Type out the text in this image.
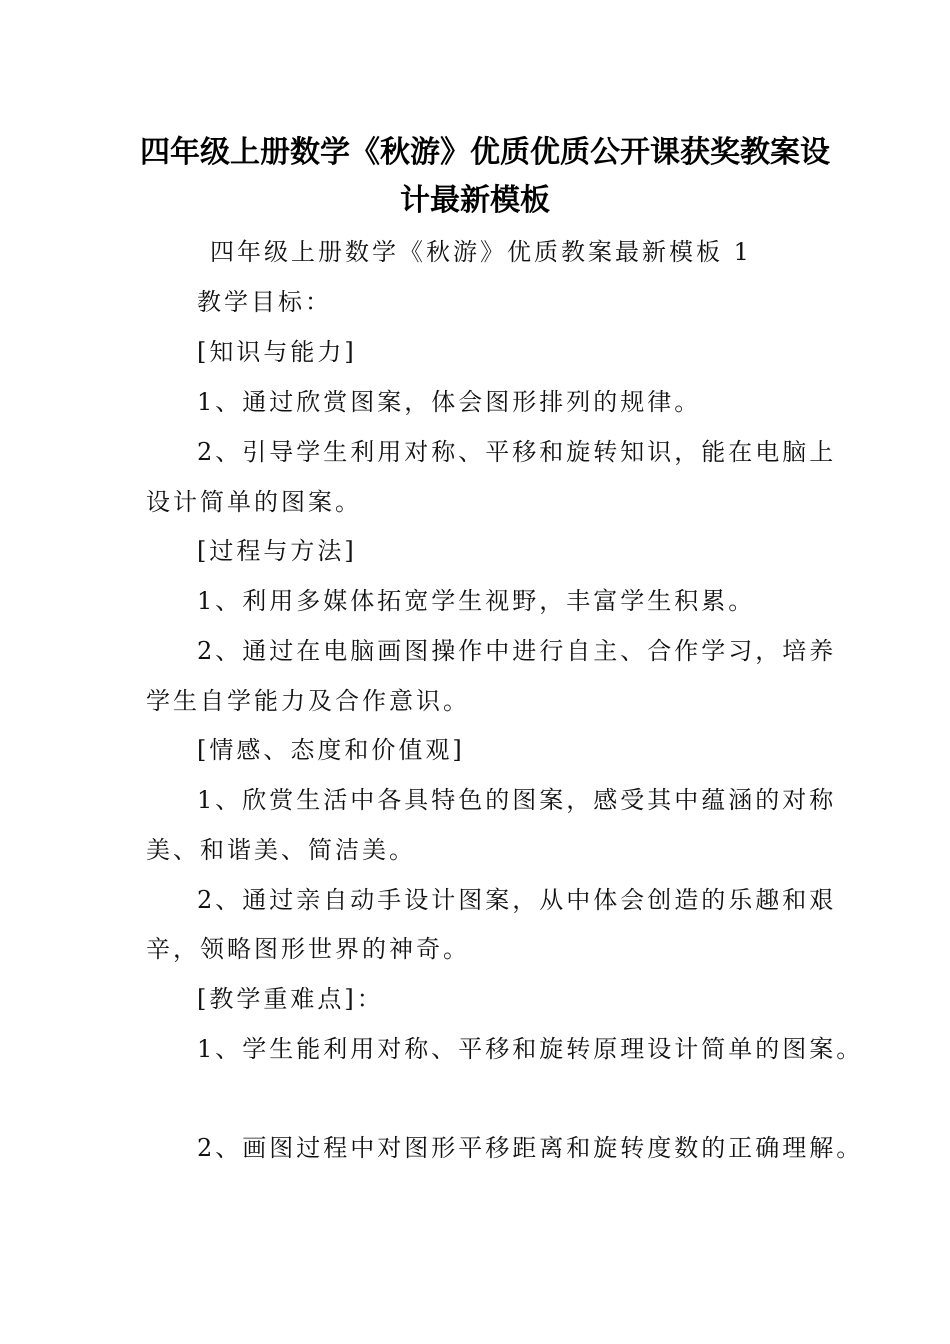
四年级上册数学《秋游》优质优质公开课获奖教案设
计最新模板
四年级上册数学《秋游》优质教案最新模板 1
教学目标：
[知识与能力]
1、通过欣赏图案，体会图形排列的规律。
2、引导学生利用对称、平移和旋转知识，能在电脑上
设计简单的图案。
[过程与方法]
1、利用多媒体拓宽学生视野，丰富学生积累。
2、通过在电脑画图操作中进行自主、合作学习，培养
学生自学能力及合作意识。
[情感、态度和价值观]
1、欣赏生活中各具特色的图案，感受其中蕴涵的对称
美、和谐美、简洁美。
2、通过亲自动手设计图案，从中体会创造的乐趣和艰
辛，领略图形世界的神奇。
[教学重难点]：
1、学生能利用对称、平移和旋转原理设计简单的图案。
2、画图过程中对图形平移距离和旋转度数的正确理解。
